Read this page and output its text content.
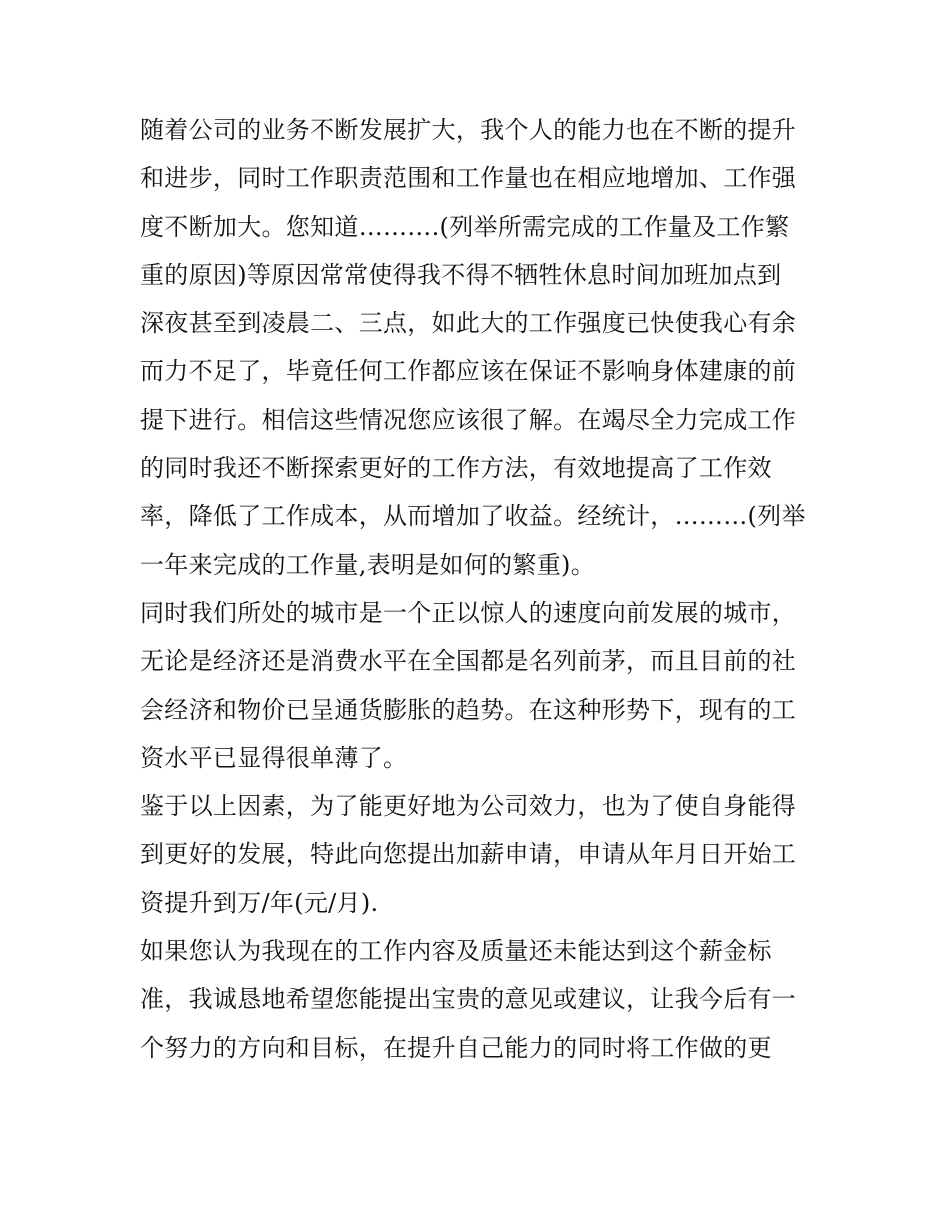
随着公司的业务不断发展扩大，我个人的能力也在不断的提升
和进步，同时工作职责范围和工作量也在相应地增加、工作强
度不断加大。您知道……….(列举所需完成的工作量及工作繁
重的原因)等原因常常使得我不得不牺牲休息时间加班加点到
深夜甚至到凌晨二、三点，如此大的工作强度已快使我心有余
而力不足了，毕竟任何工作都应该在保证不影响身体建康的前
提下进行。相信这些情况您应该很了解。在竭尽全力完成工作
的同时我还不断探索更好的工作方法，有效地提高了工作效
率，降低了工作成本，从而增加了收益。经统计，………(列举
一年来完成的工作量,表明是如何的繁重)。
同时我们所处的城市是一个正以惊人的速度向前发展的城市，
无论是经济还是消费水平在全国都是名列前茅，而且目前的社
会经济和物价已呈通货膨胀的趋势。在这种形势下，现有的工
资水平已显得很单薄了。
鉴于以上因素，为了能更好地为公司效力，也为了使自身能得
到更好的发展，特此向您提出加薪申请，申请从年月日开始工
资提升到万/年(元/月).
如果您认为我现在的工作内容及质量还未能达到这个薪金标
准，我诚恳地希望您能提出宝贵的意见或建议，让我今后有一
个努力的方向和目标，在提升自己能力的同时将工作做的更
